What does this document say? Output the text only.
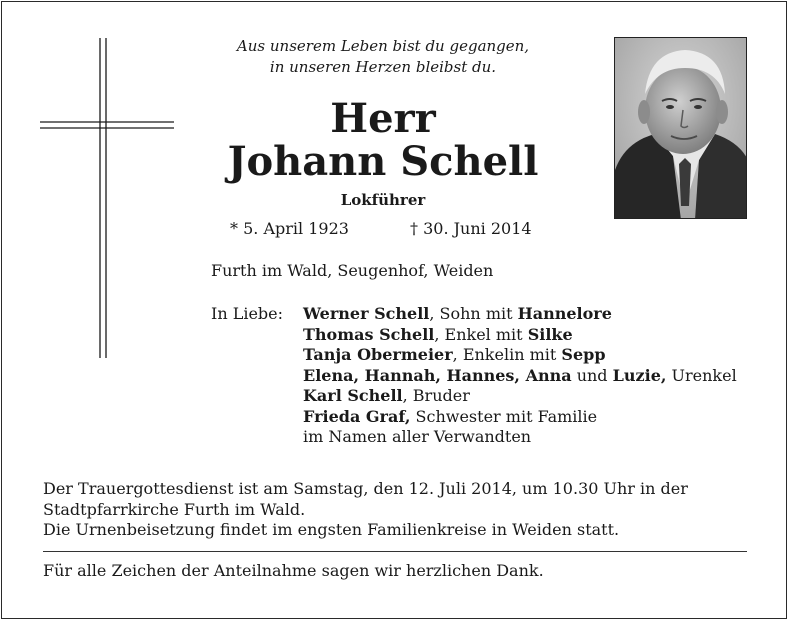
Aus unserem Leben bist du gegangen,
in unseren Herzen bleibst du.
Herr
Johann Schell
Lokführer
* 5. April 1923	† 30. Juni 2014
Furth im Wald, Seugenhof, Weiden
In Liebe: Werner Schell, Sohn mit Hannelore
Thomas Schell, Enkel mit Silke
Tanja Obermeier, Enkelin mit Sepp
Elena, Hannah, Hannes, Anna und Luzie, Urenkel
Karl Schell, Bruder
Frieda Graf, Schwester mit Familie
im Namen aller Verwandten
Der Trauergottesdienst ist am Samstag, den 12. Juli 2014, um 10.30 Uhr in der Stadtpfarrkirche Furth im Wald.
Die Urnenbeisetzung findet im engsten Familienkreise in Weiden statt.
Für alle Zeichen der Anteilnahme sagen wir herzlichen Dank.
